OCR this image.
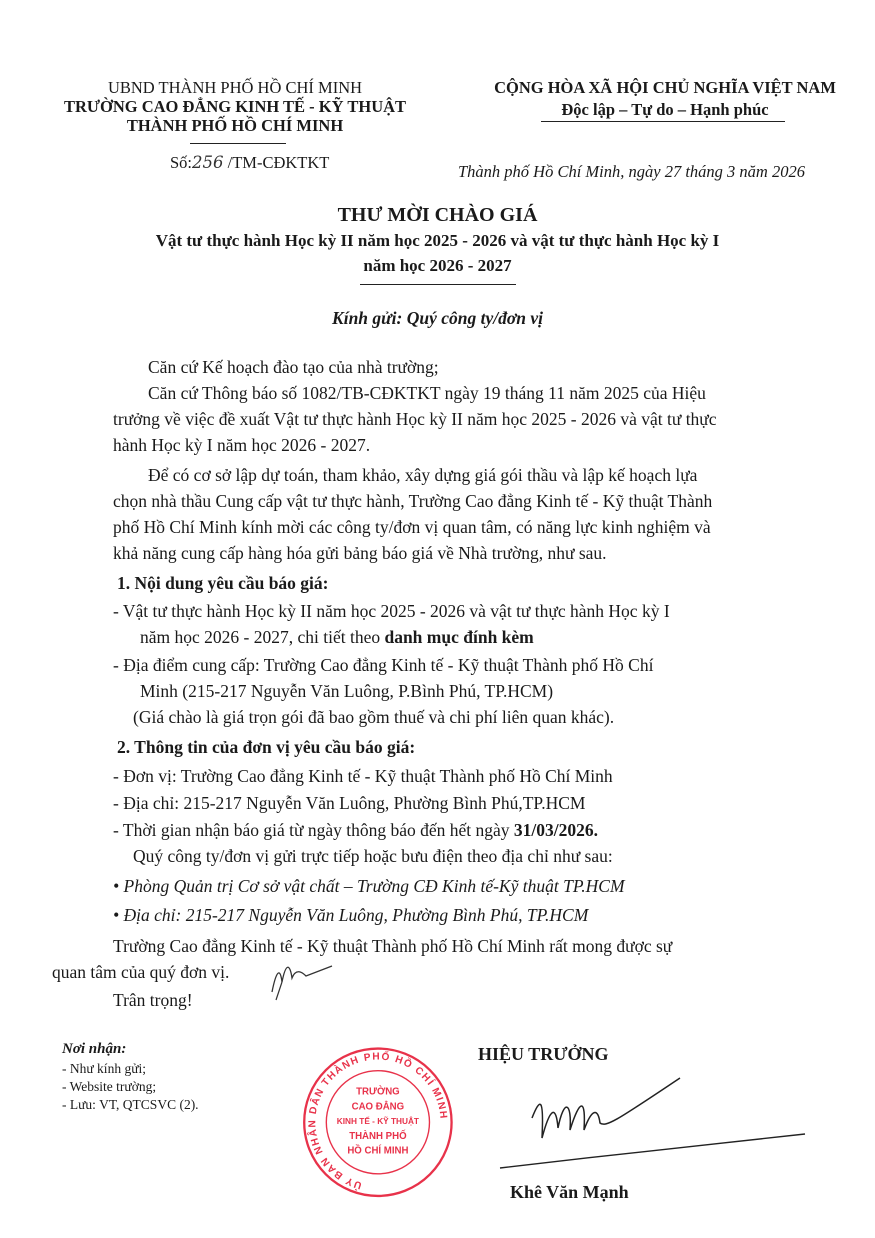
UBND THÀNH PHỐ HỒ CHÍ MINH
TRƯỜNG CAO ĐẲNG KINH TẾ - KỸ THUẬT
THÀNH PHỐ HỒ CHÍ MINH
CỘNG HÒA XÃ HỘI CHỦ NGHĨA VIỆT NAM
Độc lập – Tự do – Hạnh phúc
Số:256 /TM-CĐKTKT	Thành phố Hồ Chí Minh, ngày 27 tháng 3 năm 2026
THƯ MỜI CHÀO GIÁ
Vật tư thực hành Học kỳ II năm học 2025 - 2026 và vật tư thực hành Học kỳ I
năm học 2026 - 2027
Kính gửi: Quý công ty/đơn vị
Căn cứ Kế hoạch đào tạo của nhà trường;
Căn cứ Thông báo số 1082/TB-CĐKTKT ngày 19 tháng 11 năm 2025 của Hiệu
trưởng về việc đề xuất Vật tư thực hành Học kỳ II năm học 2025 - 2026 và vật tư thực
hành Học kỳ I năm học 2026 - 2027.
Để có cơ sở lập dự toán, tham khảo, xây dựng giá gói thầu và lập kế hoạch lựa
chọn nhà thầu Cung cấp vật tư thực hành, Trường Cao đẳng Kinh tế - Kỹ thuật Thành
phố Hồ Chí Minh kính mời các công ty/đơn vị quan tâm, có năng lực kinh nghiệm và
khả năng cung cấp hàng hóa gửi bảng báo giá về Nhà trường, như sau.
1. Nội dung yêu cầu báo giá:
- Vật tư thực hành Học kỳ II năm học 2025 - 2026 và vật tư thực hành Học kỳ I
năm học 2026 - 2027, chi tiết theo danh mục đính kèm
- Địa điểm cung cấp: Trường Cao đẳng Kinh tế - Kỹ thuật Thành phố Hồ Chí
Minh (215-217 Nguyễn Văn Luông, P.Bình Phú, TP.HCM)
(Giá chào là giá trọn gói đã bao gồm thuế và chi phí liên quan khác).
2. Thông tin của đơn vị yêu cầu báo giá:
- Đơn vị: Trường Cao đẳng Kinh tế - Kỹ thuật Thành phố Hồ Chí Minh
- Địa chỉ: 215-217 Nguyễn Văn Luông, Phường Bình Phú,TP.HCM
- Thời gian nhận báo giá từ ngày thông báo đến hết ngày 31/03/2026.
Quý công ty/đơn vị gửi trực tiếp hoặc bưu điện theo địa chỉ như sau:
• Phòng Quản trị Cơ sở vật chất – Trường CĐ Kinh tế-Kỹ thuật TP.HCM
• Địa chỉ: 215-217 Nguyễn Văn Luông, Phường Bình Phú, TP.HCM
Trường Cao đẳng Kinh tế - Kỹ thuật Thành phố Hồ Chí Minh rất mong được sự
quan tâm của quý đơn vị.
Trân trọng!
Nơi nhận:
- Như kính gửi;
- Website trường;
- Lưu: VT, QTCSVC (2).
HIỆU TRƯỞNG
ỦY BAN NHÂN DÂN THÀNH PHỐ HỒ CHÍ MINH
TRƯỜNG
CAO ĐẲNG
KINH TẾ - KỸ THUẬT
THÀNH PHỐ
HỒ CHÍ MINH
Khê Văn Mạnh
